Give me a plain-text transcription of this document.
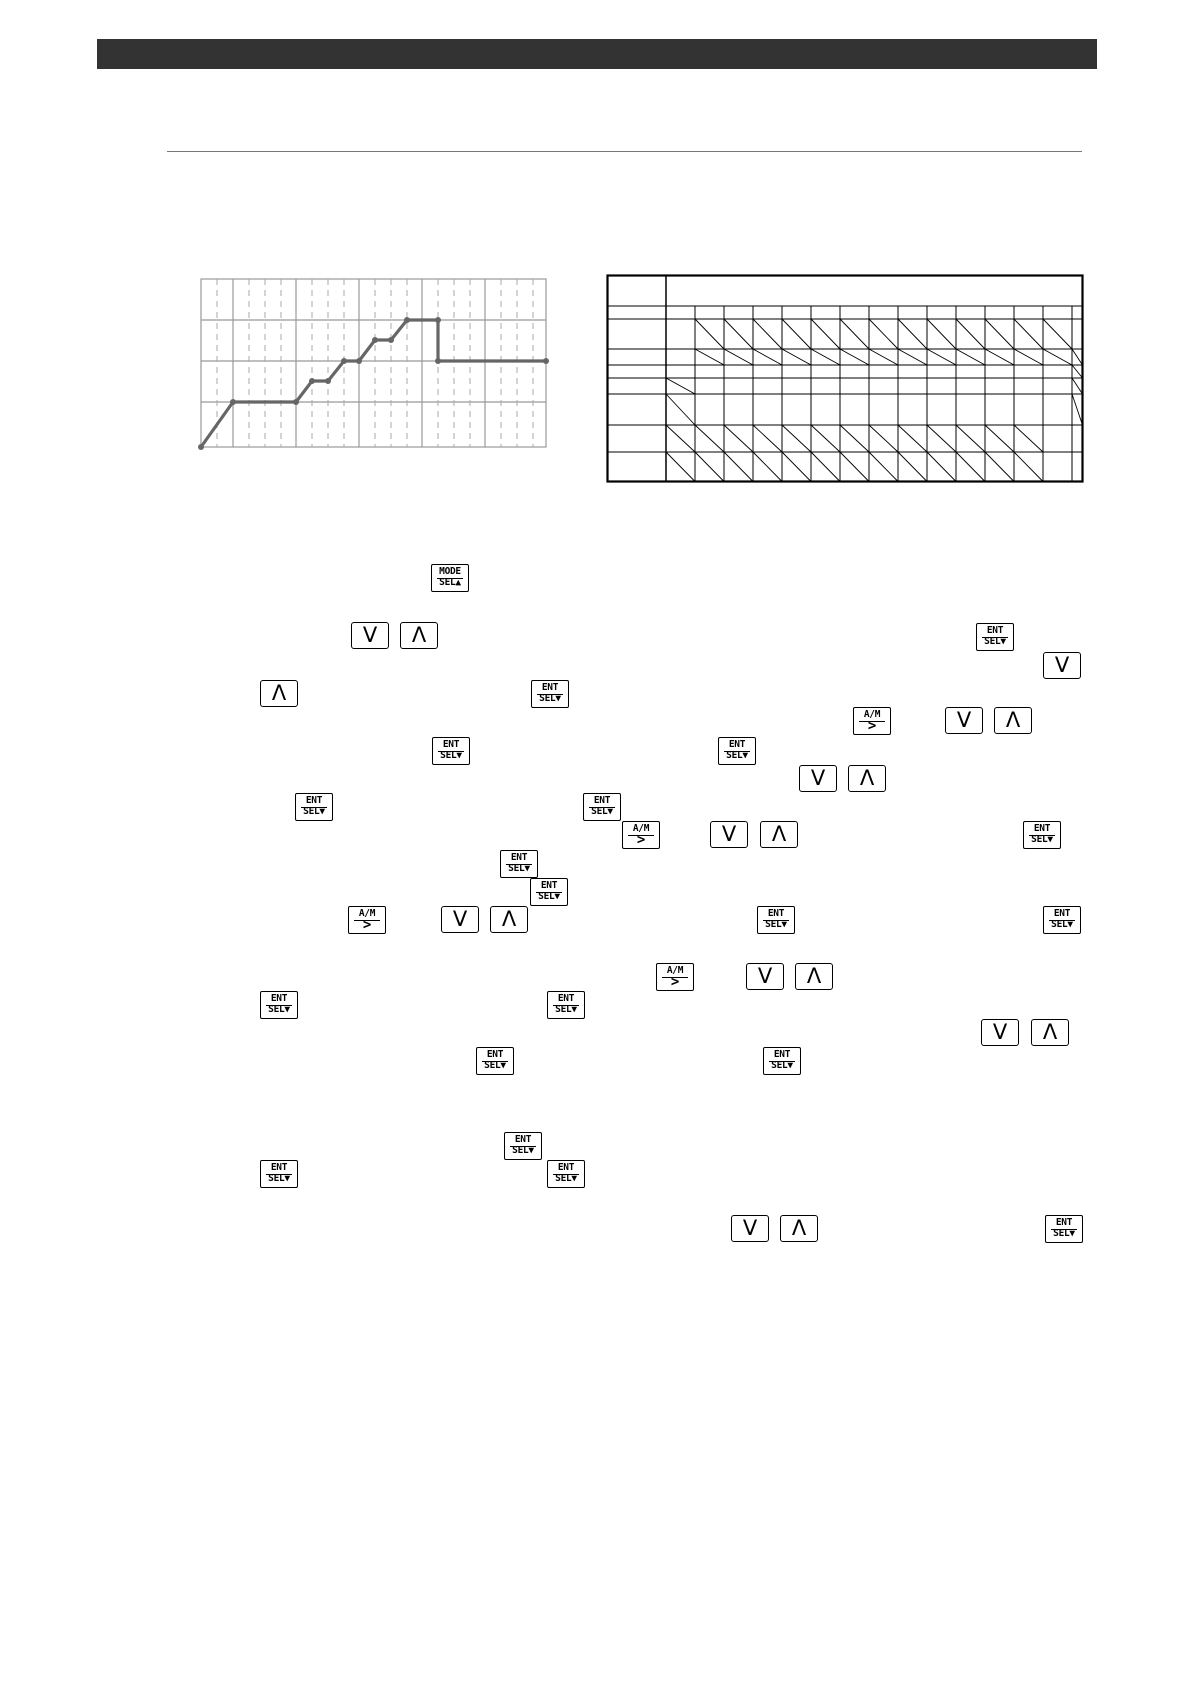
MODE
SEL▲
V	Λ	ENT
SEL▼
V
Λ	ENT
SEL▼
A/M
>	V	Λ
ENT
SEL▼
ENT
SEL▼
V	Λ
ENT
SEL▼
ENT
SEL▼
A/M
>	V	Λ	ENT
SEL▼
ENT
SEL▼
ENT
SEL▼
A/M
>	V	Λ	ENT
SEL▼
ENT
SEL▼
A/M
>	V	Λ
ENT
SEL▼
ENT
SEL▼
V	Λ
ENT
SEL▼
ENT
SEL▼
ENT
SEL▼
ENT
SEL▼
ENT
SEL▼
V	Λ	ENT
SEL▼
